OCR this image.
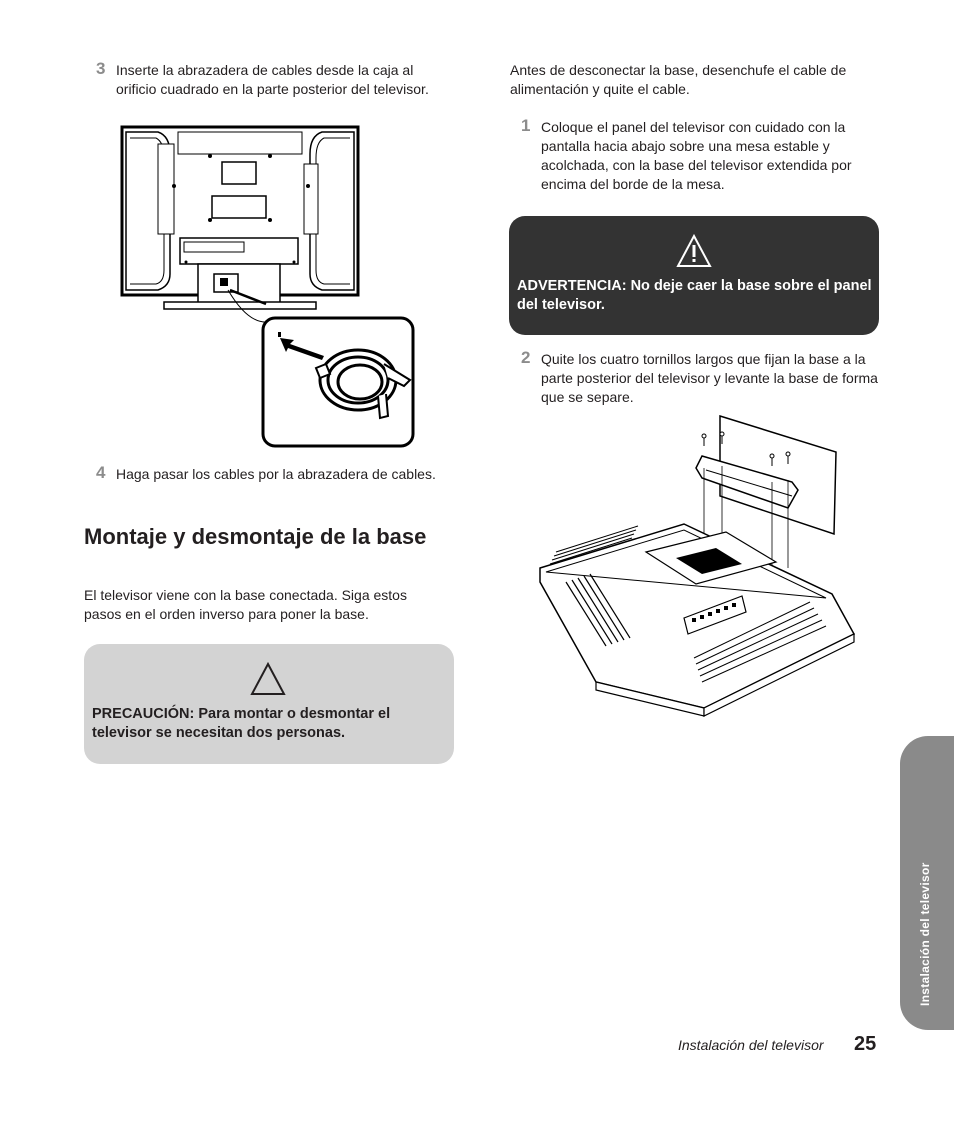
3 Inserte la abrazadera de cables desde la caja al orificio cuadrado en la parte posterior del televisor.
4 Haga pasar los cables por la abrazadera de cables.
Montaje y desmontaje de la base
El televisor viene con la base conectada. Siga estos pasos en el orden inverso para poner la base.
PRECAUCIÓN: Para montar o desmontar el televisor se necesitan dos personas.
Antes de desconectar la base, desenchufe el cable de alimentación y quite el cable.
1 Coloque el panel del televisor con cuidado con la pantalla hacia abajo sobre una mesa estable y acolchada, con la base del televisor extendida por encima del borde de la mesa.
ADVERTENCIA: No deje caer la base sobre el panel del televisor.
2 Quite los cuatro tornillos largos que fijan la base a la parte posterior del televisor y levante la base de forma que se separe.
Instalación del televisor
Instalación del televisor 25
